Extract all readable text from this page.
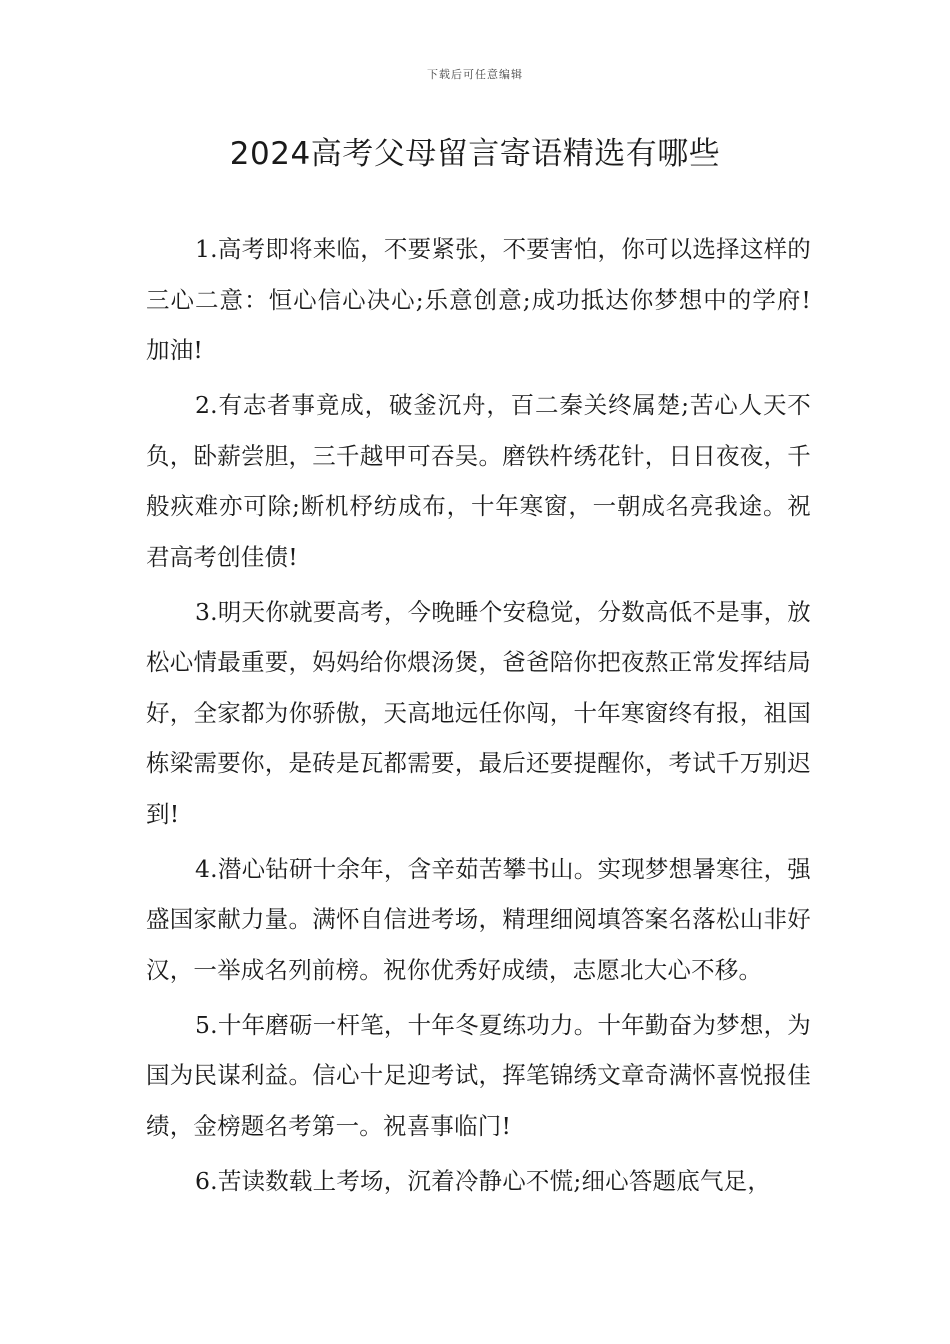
下载后可任意编辑
2024高考父母留言寄语精选有哪些

1.高考即将来临，不要紧张，不要害怕，你可以选择这样的三心二意：恒心信心决心;乐意创意;成功抵达你梦想中的学府!加油!

2.有志者事竟成，破釜沉舟，百二秦关终属楚;苦心人天不负，卧薪尝胆，三千越甲可吞吴。磨铁杵绣花针，日日夜夜，千般疢难亦可除;断机杼纺成布，十年寒窗，一朝成名亮我途。祝君高考创佳债!

3.明天你就要高考，今晚睡个安稳觉，分数高低不是事，放松心情最重要，妈妈给你煨汤煲，爸爸陪你把夜熬正常发挥结局好，全家都为你骄傲，天高地远任你闯，十年寒窗终有报，祖国栋梁需要你，是砖是瓦都需要，最后还要提醒你，考试千万别迟到!

4.潜心钻研十余年，含辛茹苦攀书山。实现梦想暑寒往，强盛国家献力量。满怀自信进考场，精理细阅填答案名落松山非好汉，一举成名列前榜。祝你优秀好成绩，志愿北大心不移。

5.十年磨砺一杆笔，十年冬夏练功力。十年勤奋为梦想，为国为民谋利益。信心十足迎考试，挥笔锦绣文章奇满怀喜悦报佳绩，金榜题名考第一。祝喜事临门!

6.苦读数载上考场，沉着冷静心不慌;细心答题底气足，
